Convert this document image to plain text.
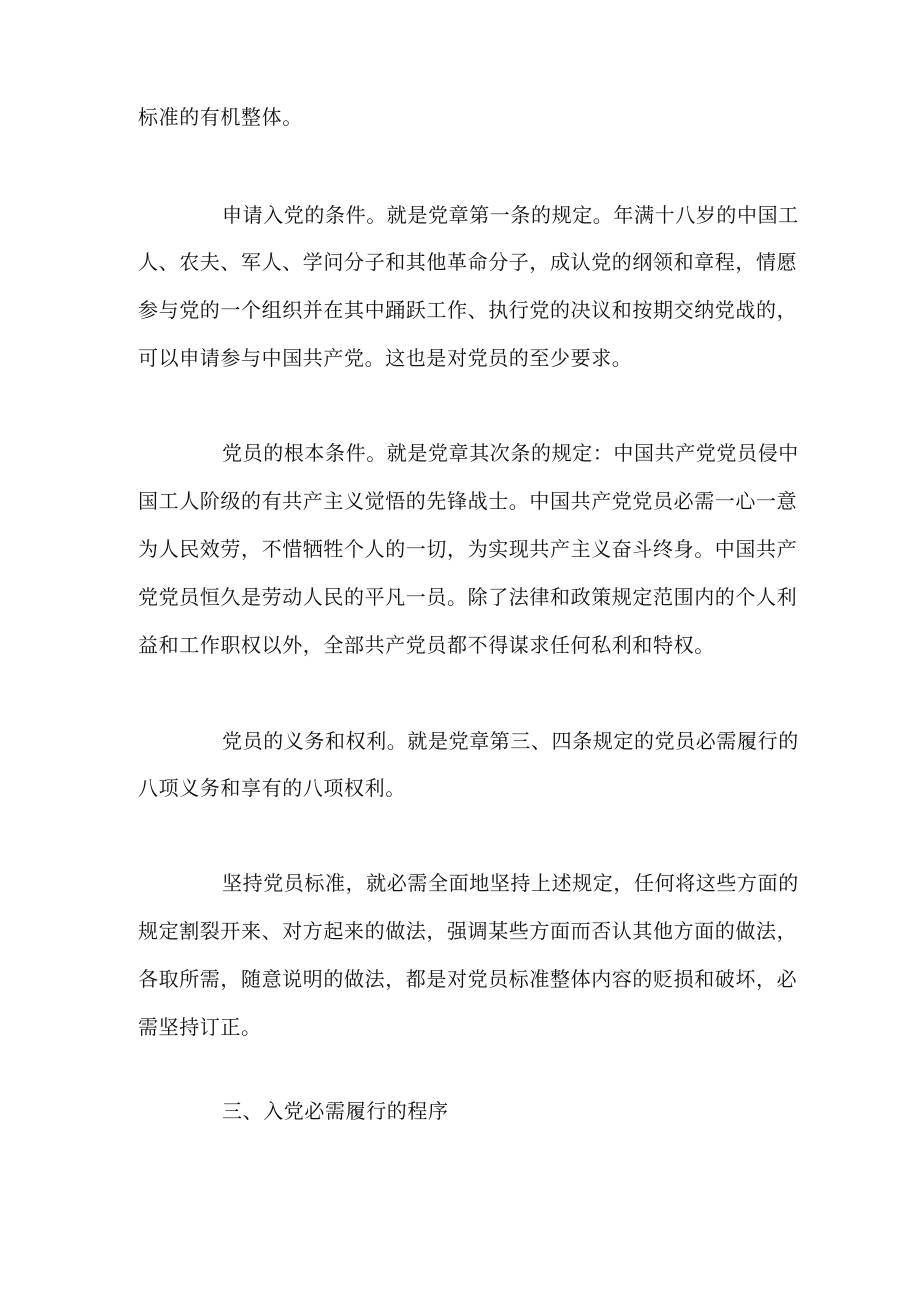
标准的有机整体。
申请入党的条件。就是党章第一条的规定。年满十八岁的中国工
人、农夫、军人、学问分子和其他革命分子，成认党的纲领和章程，情愿
参与党的一个组织并在其中踊跃工作、执行党的决议和按期交纳党战的，
可以申请参与中国共产党。这也是对党员的至少要求。
党员的根本条件。就是党章其次条的规定：中国共产党党员侵中
国工人阶级的有共产主义觉悟的先锋战士。中国共产党党员必需一心一意
为人民效劳，不惜牺牲个人的一切，为实现共产主义奋斗终身。中国共产
党党员恒久是劳动人民的平凡一员。除了法律和政策规定范围内的个人利
益和工作职权以外，全部共产党员都不得谋求任何私利和特权。
党员的义务和权利。就是党章第三、四条规定的党员必需履行的
八项义务和享有的八项权利。
坚持党员标准，就必需全面地坚持上述规定，任何将这些方面的
规定割裂开来、对方起来的做法，强调某些方面而否认其他方面的做法，
各取所需，随意说明的做法，都是对党员标准整体内容的贬损和破坏，必
需坚持订正。
三、入党必需履行的程序
